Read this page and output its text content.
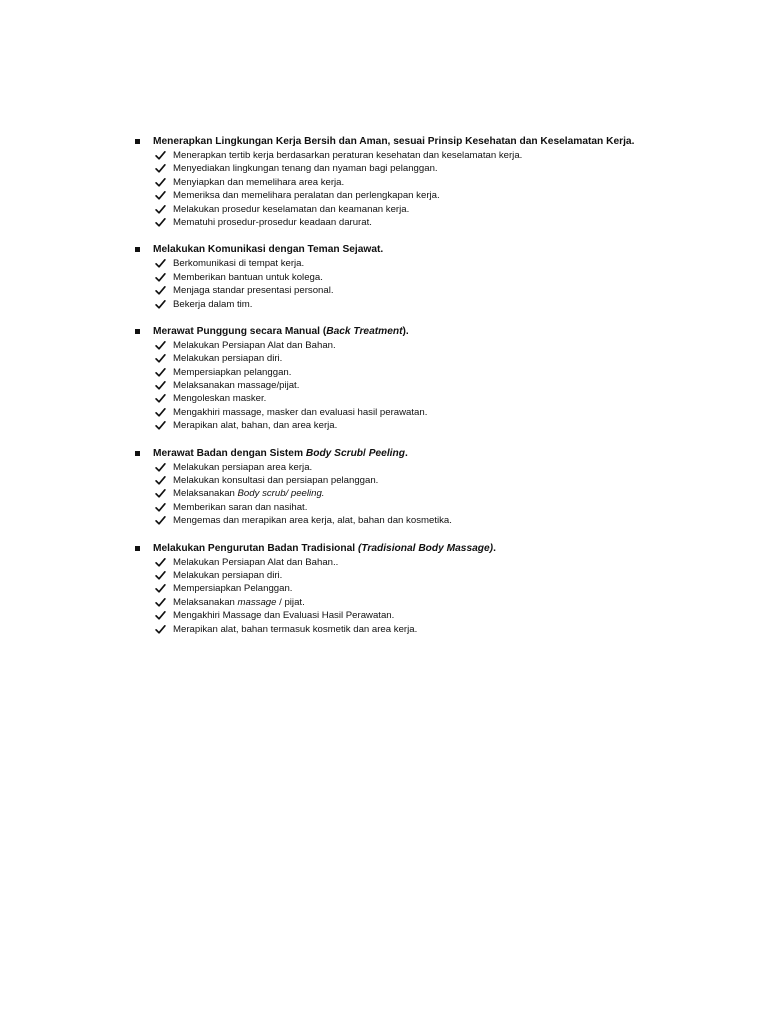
Menerapkan Lingkungan Kerja Bersih dan Aman, sesuai Prinsip Kesehatan dan Keselamatan Kerja.
Menerapkan tertib kerja berdasarkan peraturan kesehatan dan keselamatan kerja.
Menyediakan lingkungan tenang dan nyaman bagi pelanggan.
Menyiapkan dan memelihara area kerja.
Memeriksa dan memelihara peralatan dan perlengkapan kerja.
Melakukan prosedur keselamatan dan keamanan kerja.
Mematuhi prosedur-prosedur keadaan darurat.
Melakukan Komunikasi dengan Teman Sejawat.
Berkomunikasi di tempat kerja.
Memberikan bantuan untuk kolega.
Menjaga standar presentasi personal.
Bekerja dalam tim.
Merawat Punggung secara Manual (Back Treatment).
Melakukan Persiapan Alat dan Bahan.
Melakukan persiapan diri.
Mempersiapkan pelanggan.
Melaksanakan massage/pijat.
Mengoleskan masker.
Mengakhiri massage, masker dan evaluasi hasil perawatan.
Merapikan alat, bahan, dan area kerja.
Merawat Badan dengan Sistem Body Scrub/ Peeling.
Melakukan persiapan area kerja.
Melakukan konsultasi dan persiapan pelanggan.
Melaksanakan Body scrub/ peeling.
Memberikan saran dan nasihat.
Mengemas dan merapikan area kerja, alat, bahan dan kosmetika.
Melakukan Pengurutan Badan Tradisional (Tradisional Body Massage).
Melakukan Persiapan Alat dan Bahan..
Melakukan persiapan diri.
Mempersiapkan Pelanggan.
Melaksanakan massage / pijat.
Mengakhiri Massage dan Evaluasi Hasil Perawatan.
Merapikan alat, bahan termasuk kosmetik dan area kerja.
